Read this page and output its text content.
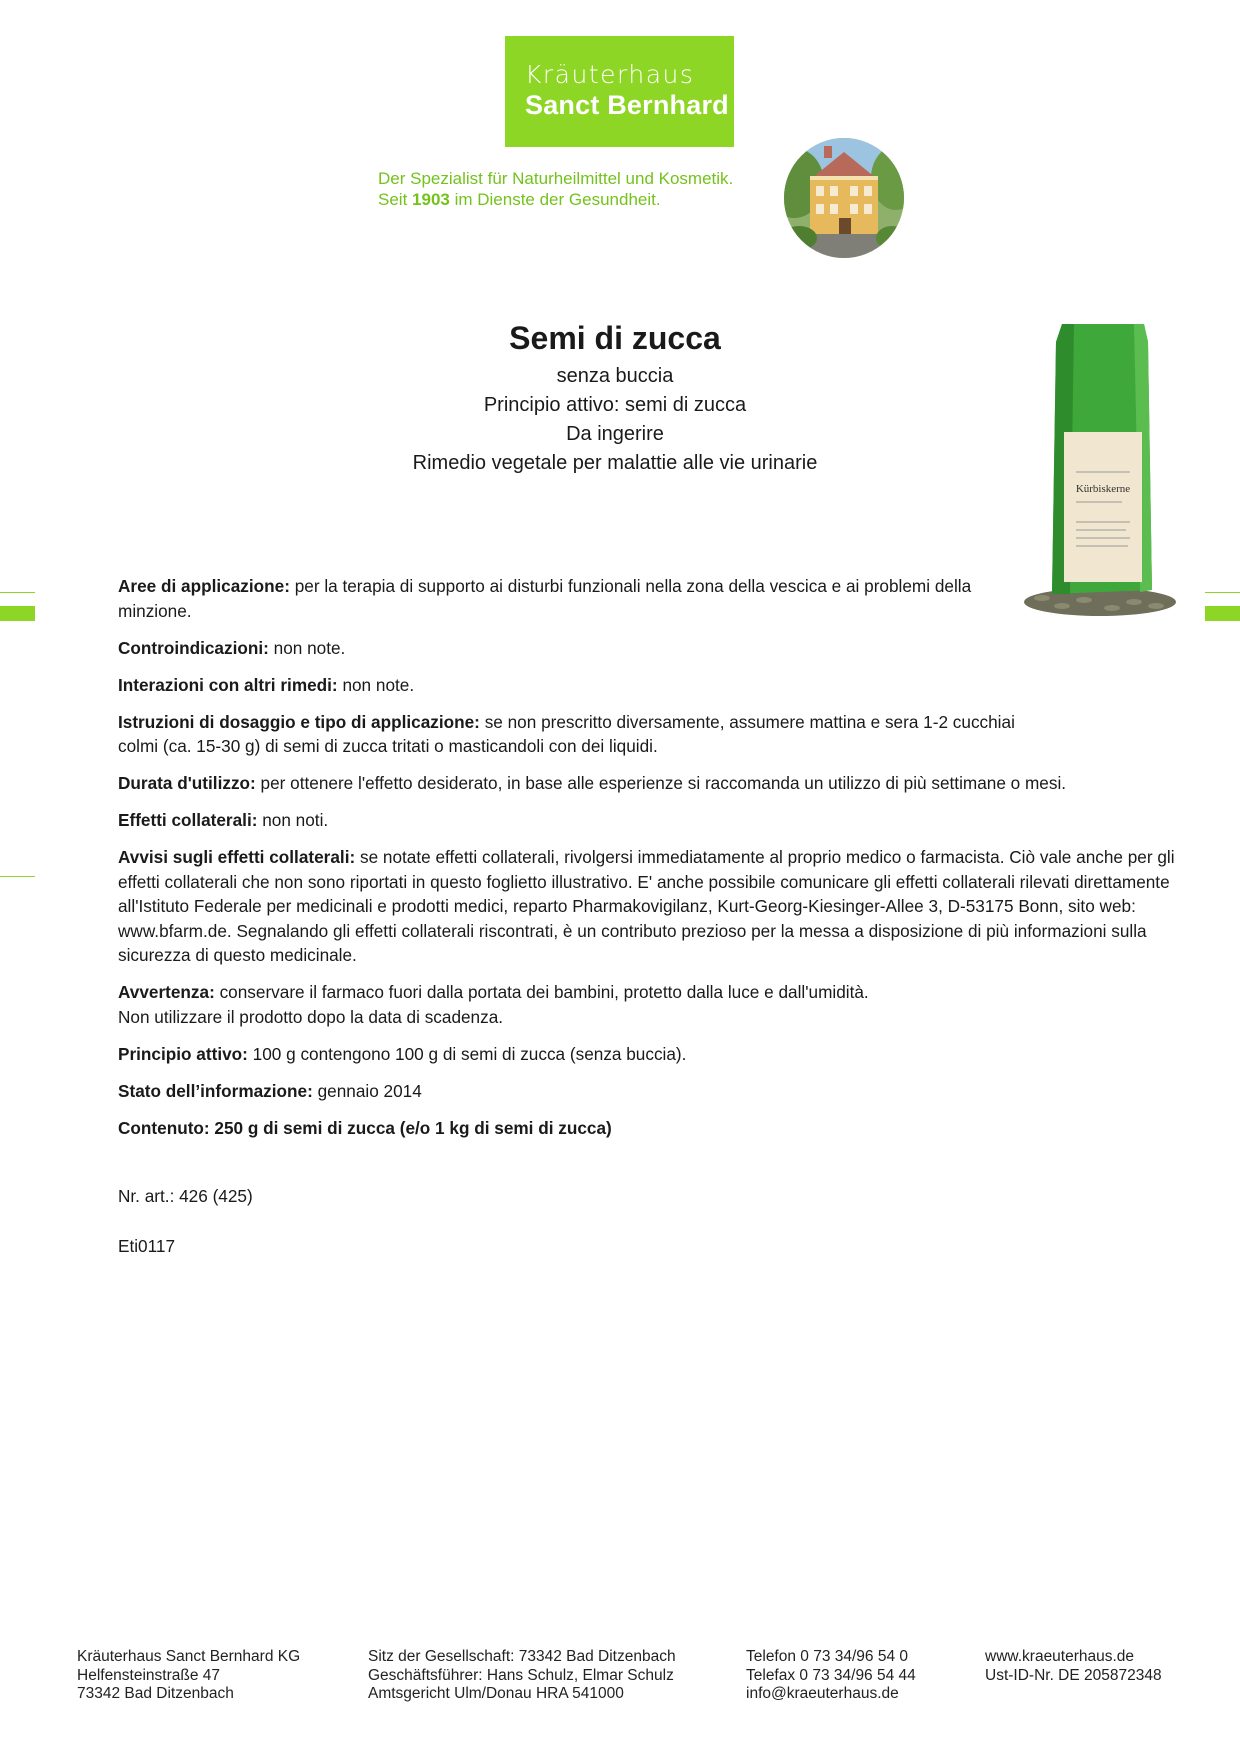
Kräuterhaus
Sanct Bernhard
Der Spezialist für Naturheilmittel und Kosmetik.
Seit 1903 im Dienste der Gesundheit.
Semi di zucca
senza buccia
Principio attivo: semi di zucca
Da ingerire
Rimedio vegetale per malattie alle vie urinarie
Kürbiskerne

Aree di applicazione: per la terapia di supporto ai disturbi funzionali nella zona della vescica e ai problemi della minzione.

Controindicazioni: non note.

Interazioni con altri rimedi: non note.

Istruzioni di dosaggio e tipo di applicazione: se non prescritto diversamente, assumere mattina e sera 1-2 cucchiai colmi (ca. 15-30 g) di semi di zucca tritati o masticandoli con dei liquidi.

Durata d'utilizzo: per ottenere l'effetto desiderato, in base alle esperienze si raccomanda un utilizzo di più settimane o mesi.

Effetti collaterali: non noti.

Avvisi sugli effetti collaterali: se notate effetti collaterali, rivolgersi immediatamente al proprio medico o farmacista. Ciò vale anche per gli effetti collaterali che non sono riportati in questo foglietto illustrativo. E' anche possibile comunicare gli effetti collaterali rilevati direttamente all'Istituto Federale per medicinali e prodotti medici, reparto Pharmakovigilanz, Kurt-Georg-Kiesinger-Allee 3, D-53175 Bonn, sito web: www.bfarm.de. Segnalando gli effetti collaterali riscontrati, è un contributo prezioso per la messa a disposizione di più informazioni sulla sicurezza di questo medicinale.

Avvertenza: conservare il farmaco fuori dalla portata dei bambini, protetto dalla luce e dall'umidità.
Non utilizzare il prodotto dopo la data di scadenza.

Principio attivo: 100 g contengono 100 g di semi di zucca (senza buccia).

Stato dell’informazione: gennaio 2014

Contenuto: 250 g di semi di zucca (e/o 1 kg di semi di zucca)

Nr. art.: 426 (425)
Eti0117
Kräuterhaus Sanct Bernhard KG
Helfensteinstraße 47
73342 Bad Ditzenbach
Sitz der Gesellschaft: 73342 Bad Ditzenbach
Geschäftsführer: Hans Schulz, Elmar Schulz
Amtsgericht Ulm/Donau HRA 541000
Telefon 0 73 34/96 54 0
Telefax 0 73 34/96 54 44
info@kraeuterhaus.de
www.kraeuterhaus.de
Ust-ID-Nr. DE 205872348
